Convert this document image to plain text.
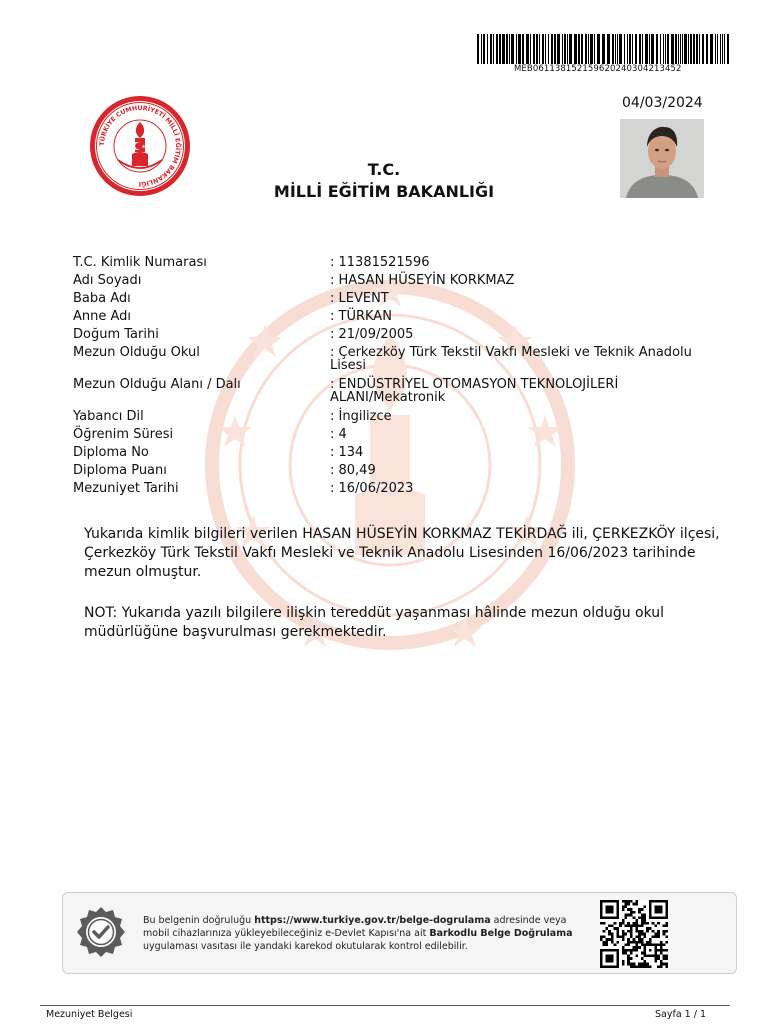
MEB061138152159620240304213452
04/03/2024
TÜRKİYE CUMHURİYETİ MİLLÎ EĞİTİM BAKANLIĞI
T.C.
MİLLİ EĞİTİM BAKANLIĞI
T.C. Kimlik Numarası	: 11381521596
Adı Soyadı	: HASAN HÜSEYİN KORKMAZ
Baba Adı	: LEVENT
Anne Adı	: TÜRKAN
Doğum Tarihi	: 21/09/2005
Mezun Olduğu Okul	: Çerkezköy Türk Tekstil Vakfı Mesleki ve Teknik Anadolu Lisesi
Mezun Olduğu Alanı / Dalı	: ENDÜSTRİYEL OTOMASYON TEKNOLOJİLERİ ALANI/Mekatronik
Yabancı Dil	: İngilizce
Öğrenim Süresi	: 4
Diploma No	: 134
Diploma Puanı	: 80,49
Mezuniyet Tarihi	: 16/06/2023
Yukarıda kimlik bilgileri verilen HASAN HÜSEYİN KORKMAZ TEKİRDAĞ ili, ÇERKEZKÖY ilçesi, Çerkezköy Türk Tekstil Vakfı Mesleki ve Teknik Anadolu Lisesinden 16/06/2023 tarihinde mezun olmuştur.
NOT: Yukarıda yazılı bilgilere ilişkin tereddüt yaşanması hâlinde mezun olduğu okul müdürlüğüne başvurulması gerekmektedir.
Bu belgenin doğruluğu https://www.turkiye.gov.tr/belge-dogrulama adresinde veya mobil cihazlarınıza yükleyebileceğiniz e-Devlet Kapısı'na ait Barkodlu Belge Doğrulama uygulaması vasıtası ile yandaki karekod okutularak kontrol edilebilir.
Mezuniyet Belgesi	Sayfa 1 / 1
